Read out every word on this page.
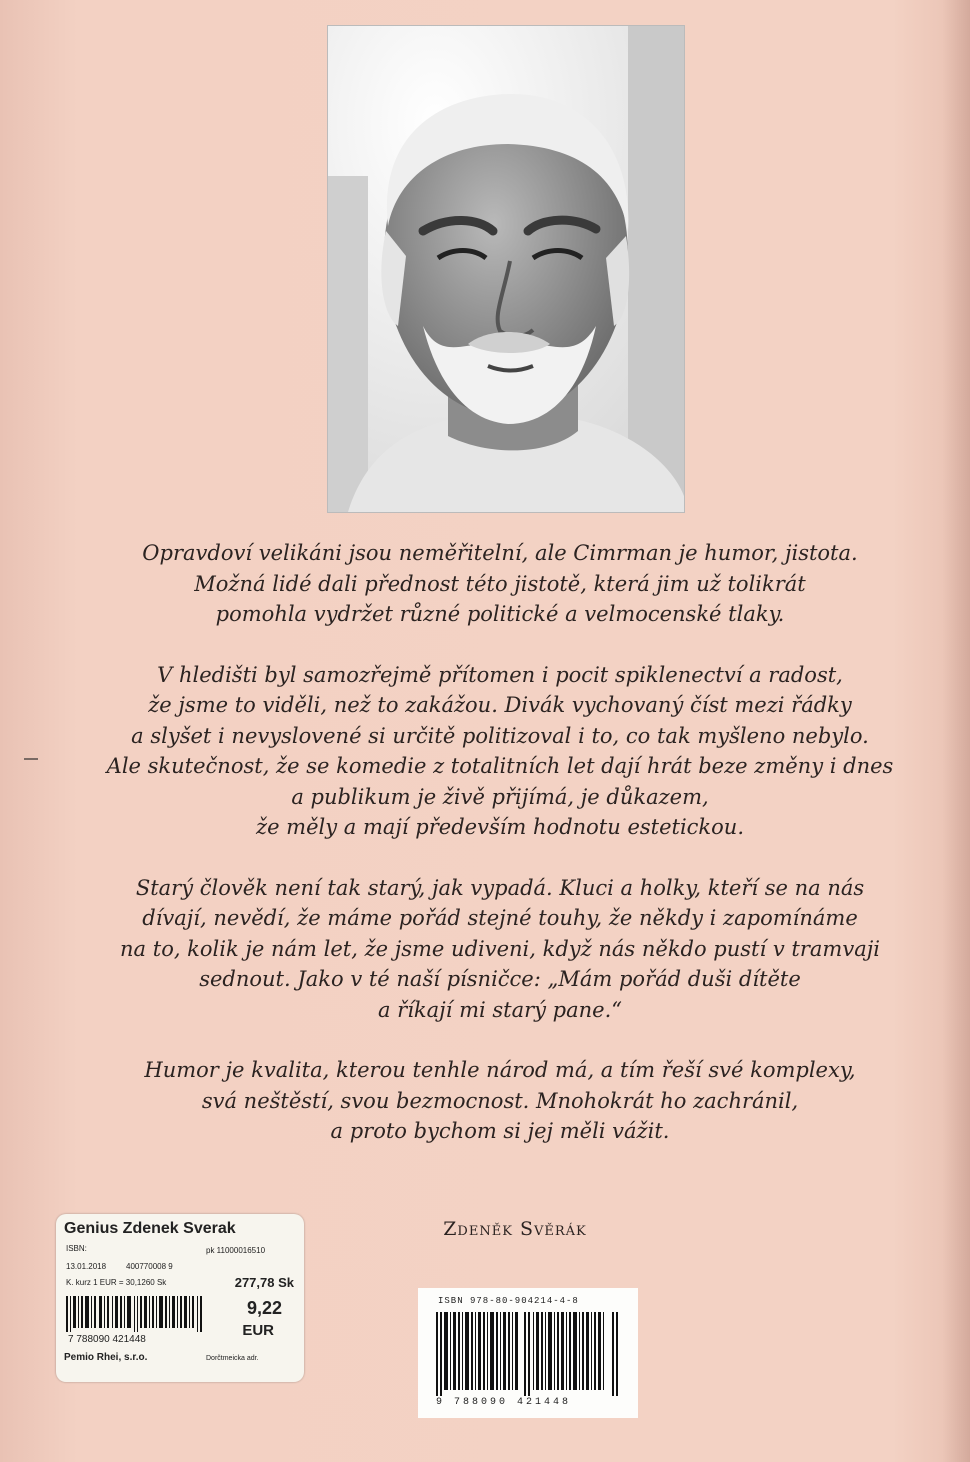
Opravdoví velikáni jsou neměřitelní, ale Cimrman je humor, jistota.
Možná lidé dali přednost této jistotě, která jim už tolikrát
pomohla vydržet různé politické a velmocenské tlaky.

V hledišti byl samozřejmě přítomen i pocit spiklenectví a radost,
že jsme to viděli, než to zakážou. Divák vychovaný číst mezi řádky
a slyšet i nevyslovené si určitě politizoval i to, co tak myšleno nebylo.
Ale skutečnost, že se komedie z totalitních let dají hrát beze změny i dnes
a publikum je živě přijímá, je důkazem,
že měly a mají především hodnotu estetickou.

Starý člověk není tak starý, jak vypadá. Kluci a holky, kteří se na nás
dívají, nevědí, že máme pořád stejné touhy, že někdy i zapomínáme
na to, kolik je nám let, že jsme udiveni, když nás někdo pustí v tramvaji
sednout. Jako v té naší písničce: „Mám pořád duši dítěte
a říkají mi starý pane.“

Humor je kvalita, kterou tenhle národ má, a tím řeší své komplexy,
svá neštěstí, svou bezmocnost. Mnohokrát ho zachránil,
a proto bychom si jej měli vážit.

Zdeněk Svěrák
Genius Zdenek Sverak
ISBN:	pk 11000016510
13.01.2018 400770008 9
K. kurz 1 EUR = 30,1260 Sk	277,78 Sk
9,22
EUR
7 788090 421448
Pemio Rhei, s.r.o.	Dorčtmeicka adr.
ISBN 978-80-904214-4-8
9 788090 421448
